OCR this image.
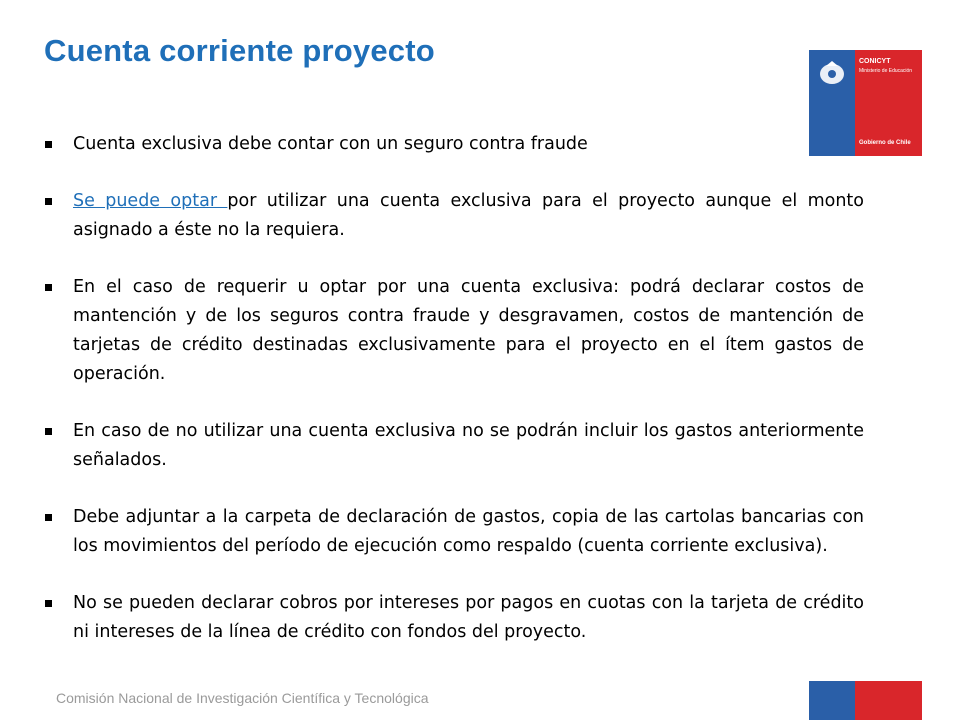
Cuenta corriente proyecto	CONICYT
Ministerio de Educación
Gobierno de Chile
Cuenta exclusiva debe contar con un seguro contra fraude
Se puede optar por utilizar una cuenta exclusiva para el proyecto aunque el monto asignado a éste no la requiera.
En el caso de requerir u optar por una cuenta exclusiva: podrá declarar costos de mantención y de los seguros contra fraude y desgravamen, costos de mantención de tarjetas de crédito destinadas exclusivamente para el proyecto en el ítem gastos de operación.
En caso de no utilizar una cuenta exclusiva no se podrán incluir los gastos anteriormente señalados.
Debe adjuntar a la carpeta de declaración de gastos, copia de las cartolas bancarias con los movimientos del período de ejecución como respaldo (cuenta corriente exclusiva).
No se pueden declarar cobros por intereses por pagos en cuotas con la tarjeta de crédito ni intereses de la línea de crédito con fondos del proyecto.
Comisión Nacional de Investigación Científica y Tecnológica
